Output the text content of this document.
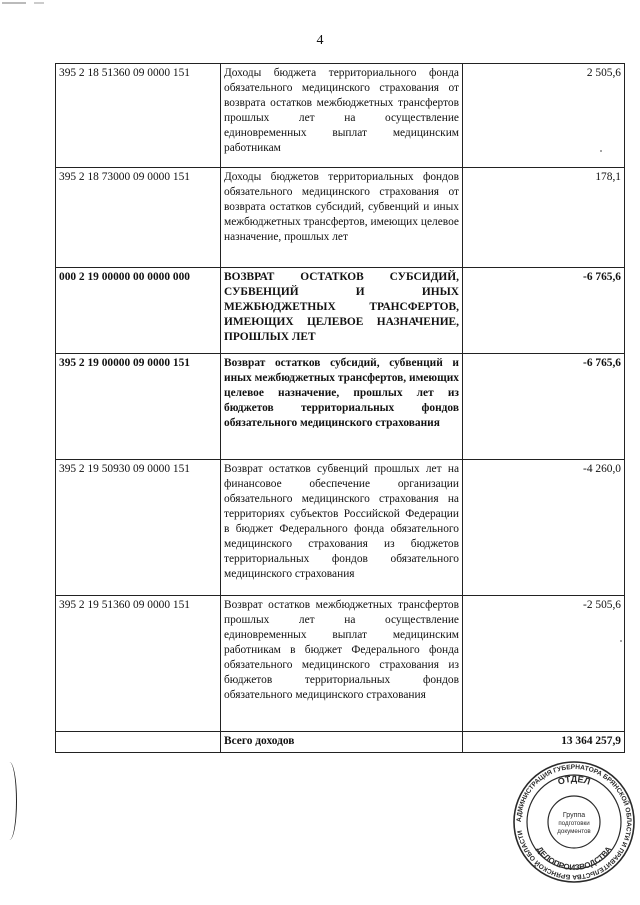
4
395 2 18 51360 09 0000 151	Доходы бюджета территориального фонда обязательного медицинского страхования от возврата остатков межбюджетных трансфертов прошлых лет на осуществление единовременных выплат медицинским работникам	2 505,6
395 2 18 73000 09 0000 151	Доходы бюджетов территориальных фондов обязательного медицинского страхования от возврата остатков субсидий, субвенций и иных межбюджетных трансфертов, имеющих целевое назначение, прошлых лет	178,1
000 2 19 00000 00 0000 000	ВОЗВРАТ ОСТАТКОВ СУБСИДИЙ, СУБВЕНЦИЙ И ИНЫХ МЕЖБЮДЖЕТНЫХ ТРАНСФЕРТОВ, ИМЕЮЩИХ ЦЕЛЕВОЕ НАЗНАЧЕНИЕ, ПРОШЛЫХ ЛЕТ	-6 765,6
395 2 19 00000 09 0000 151	Возврат остатков субсидий, субвенций и иных межбюджетных трансфертов, имеющих целевое назначение, прошлых лет из бюджетов территориальных фондов обязательного медицинского страхования	-6 765,6
395 2 19 50930 09 0000 151	Возврат остатков субвенций прошлых лет на финансовое обеспечение организации обязательного медицинского страхования на территориях субъектов Российской Федерации в бюджет Федерального фонда обязательного медицинского страхования из бюджетов территориальных фондов обязательного медицинского страхования	-4 260,0
395 2 19 51360 09 0000 151	Возврат остатков межбюджетных трансфертов прошлых лет на осуществление единовременных выплат медицинским работникам в бюджет Федерального фонда обязательного медицинского страхования из бюджетов территориальных фондов обязательного медицинского страхования	-2 505,6
	Всего доходов	13 364 257,9
АДМИНИСТРАЦИЯ ГУБЕРНАТОРА БРЯНСКОЙ ОБЛАСТИ И ПРАВИТЕЛЬСТВА БРЯНСКОЙ ОБЛАСТИ
ОТДЕЛ
ДЕЛОПРОИЗВОДСТВА
Группа
подготовки
документов
